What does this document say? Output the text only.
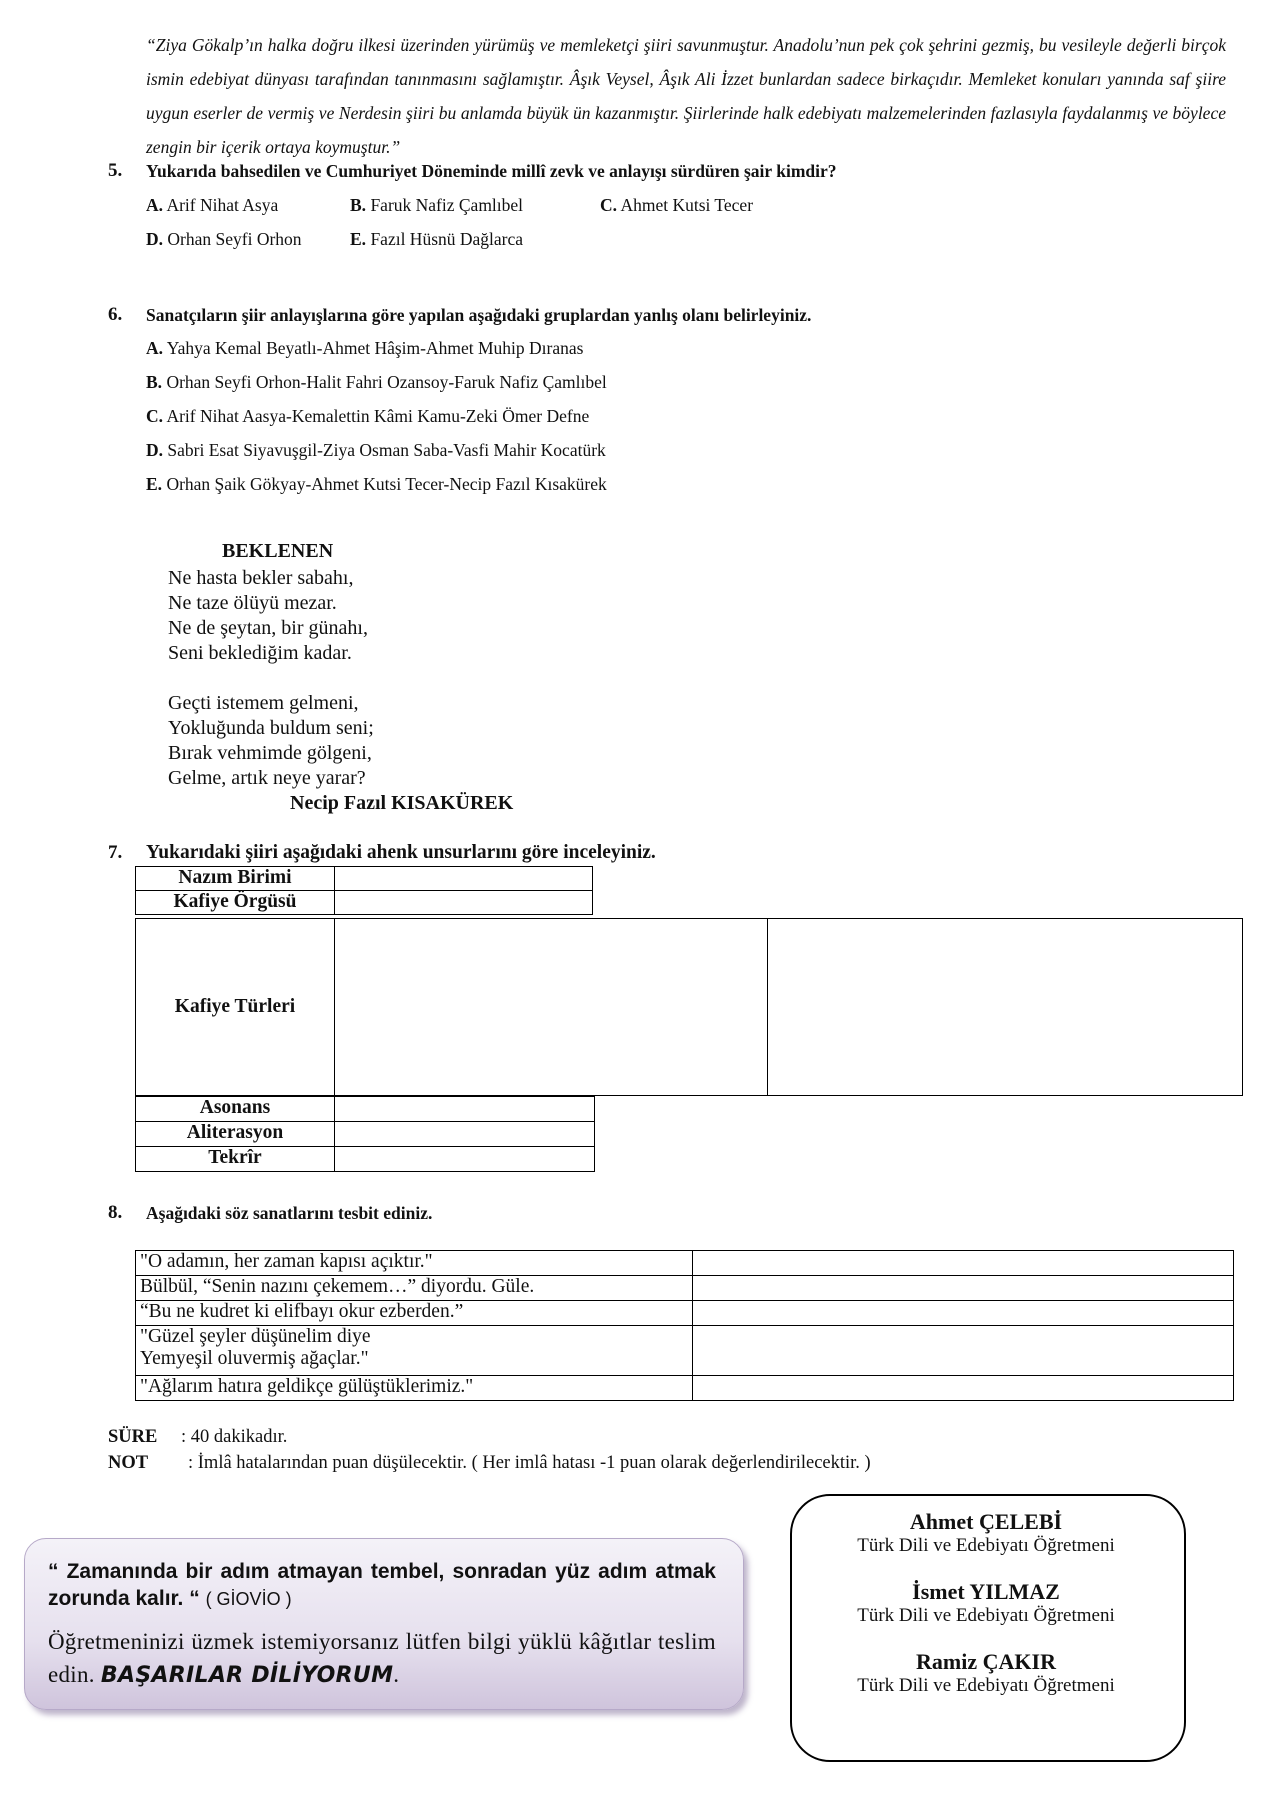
“Ziya Gökalp’ın halka doğru ilkesi üzerinden yürümüş ve memleketçi şiiri savunmuştur. Anadolu’nun pek çok şehrini gezmiş, bu vesileyle değerli birçok ismin edebiyat dünyası tarafından tanınmasını sağlamıştır. Âşık Veysel, Âşık Ali İzzet bunlardan sadece birkaçıdır. Memleket konuları yanında saf şiire uygun eserler de vermiş ve Nerdesin şiiri bu anlamda büyük ün kazanmıştır. Şiirlerinde halk edebiyatı malzemelerinden fazlasıyla faydalanmış ve böylece zengin bir içerik ortaya koymuştur.”
5. Yukarıda bahsedilen ve Cumhuriyet Döneminde millî zevk ve anlayışı sürdüren şair kimdir?
A. Arif Nihat Asya	B. Faruk Nafiz Çamlıbel	C. Ahmet Kutsi Tecer
D. Orhan Seyfi Orhon	E. Fazıl Hüsnü Dağlarca
6. Sanatçıların şiir anlayışlarına göre yapılan aşağıdaki gruplardan yanlış olanı belirleyiniz.
A. Yahya Kemal Beyatlı-Ahmet Hâşim-Ahmet Muhip Dıranas
B. Orhan Seyfi Orhon-Halit Fahri Ozansoy-Faruk Nafiz Çamlıbel
C. Arif Nihat Aasya-Kemalettin Kâmi Kamu-Zeki Ömer Defne
D. Sabri Esat Siyavuşgil-Ziya Osman Saba-Vasfi Mahir Kocatürk
E. Orhan Şaik Gökyay-Ahmet Kutsi Tecer-Necip Fazıl Kısakürek
BEKLENEN
Ne hasta bekler sabahı,
Ne taze ölüyü mezar.
Ne de şeytan, bir günahı,
Seni beklediğim kadar.
Geçti istemem gelmeni,
Yokluğunda buldum seni;
Bırak vehmimde gölgeni,
Gelme, artık neye yarar?
Necip Fazıl KISAKÜREK
7. Yukarıdaki şiiri aşağıdaki ahenk unsurlarını göre inceleyiniz.
Nazım Birimi	
Kafiye Örgüsü	
Kafiye Türleri		
Asonans	
Aliterasyon	
Tekrîr	
8. Aşağıdaki söz sanatlarını tesbit ediniz.
"O adamın, her zaman kapısı açıktır."	
Bülbül, “Senin nazını çekemem…” diyordu. Güle.	
“Bu ne kudret ki elifbayı okur ezberden.”	

"Güzel şeyler düşünelim diye
Yemyeşil oluvermiş ağaçlar."	

"Ağlarım hatıra geldikçe gülüştüklerimiz."	
SÜRE : 40 dakikadır.
NOT : İmlâ hatalarından puan düşülecektir. ( Her imlâ hatası -1 puan olarak değerlendirilecektir. )
“ Zamanında bir adım atmayan tembel, sonradan yüz adım atmak zorunda kalır. “ ( GİOVİO )
Öğretmeninizi üzmek istemiyorsanız lütfen bilgi yüklü kâğıtlar teslim edin. BAŞARILAR DİLİYORUM.
Ahmet ÇELEBİ
Türk Dili ve Edebiyatı Öğretmeni
İsmet YILMAZ
Türk Dili ve Edebiyatı Öğretmeni
Ramiz ÇAKIR
Türk Dili ve Edebiyatı Öğretmeni
